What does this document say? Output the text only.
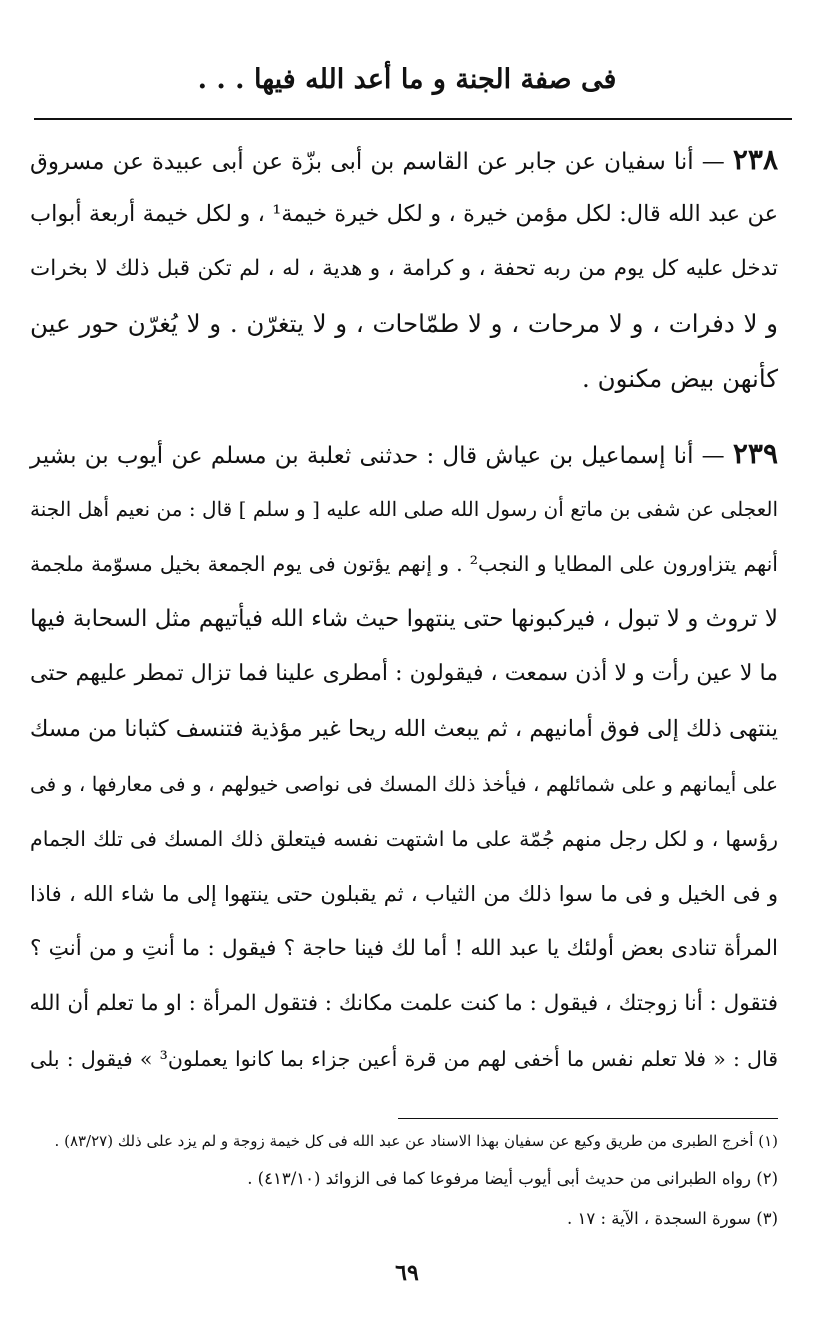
فى صفة الجنة و ما أعد الله فيها . . .
٢٣٨ — أنا سفيان عن جابر عن القاسم بن أبى بزّة عن أبى عبيدة عن مسروق
عن عبد الله قال: لكل مؤمن خيرة ، و لكل خيرة خيمة¹ ، و لكل خيمة أربعة أبواب
تدخل عليه كل يوم من ربه تحفة ، و كرامة ، و هدية ، له ، لم تكن قبل ذلك لا بخرات
و لا دفرات ، و لا مرحات ، و لا طمّاحات ، و لا يتغرّن . و لا يُغرّن حور عين
كأنهن بيض مكنون .
٢٣٩ — أنا إسماعيل بن عياش قال : حدثنى ثعلبة بن مسلم عن أيوب بن بشير
العجلى عن شفى بن ماتع أن رسول الله صلى الله عليه [ و سلم ] قال : من نعيم أهل الجنة
أنهم يتزاورون على المطايا و النجب² . و إنهم يؤتون فى يوم الجمعة بخيل مسوّمة ملجمة
لا تروث و لا تبول ، فيركبونها حتى ينتهوا حيث شاء الله فيأتيهم مثل السحابة فيها
ما لا عين رأت و لا أذن سمعت ، فيقولون : أمطرى علينا فما تزال تمطر عليهم حتى
ينتهى ذلك إلى فوق أمانيهم ، ثم يبعث الله ريحا غير مؤذية فتنسف كثبانا من مسك
على أيمانهم و على شمائلهم ، فيأخذ ذلك المسك فى نواصى خيولهم ، و فى معارفها ، و فى
رؤسها ، و لكل رجل منهم جُمّة على ما اشتهت نفسه فيتعلق ذلك المسك فى تلك الجمام
و فى الخيل و فى ما سوا ذلك من الثياب ، ثم يقبلون حتى ينتهوا إلى ما شاء الله ، فاذا
المرأة تنادى بعض أولئك يا عبد الله ! أما لك فينا حاجة ؟ فيقول : ما أنتِ و من أنتِ ؟
فتقول : أنا زوجتك ، فيقول : ما كنت علمت مكانك : فتقول المرأة : او ما تعلم أن الله
قال : « فلا تعلم نفس ما أخفى لهم من قرة أعين جزاء بما كانوا يعملون³ » فيقول : بلى
(١) أخرج الطبرى من طريق وكيع عن سفيان بهذا الاسناد عن عبد الله فى كل خيمة زوجة و لم يزد على ذلك (٨٣/٢٧) .
(٢) رواه الطبرانى من حديث أبى أيوب أيضا مرفوعا كما فى الزوائد (٤١٣/١٠) .
(٣) سورة السجدة ، الآية : ١٧ .
٦٩
